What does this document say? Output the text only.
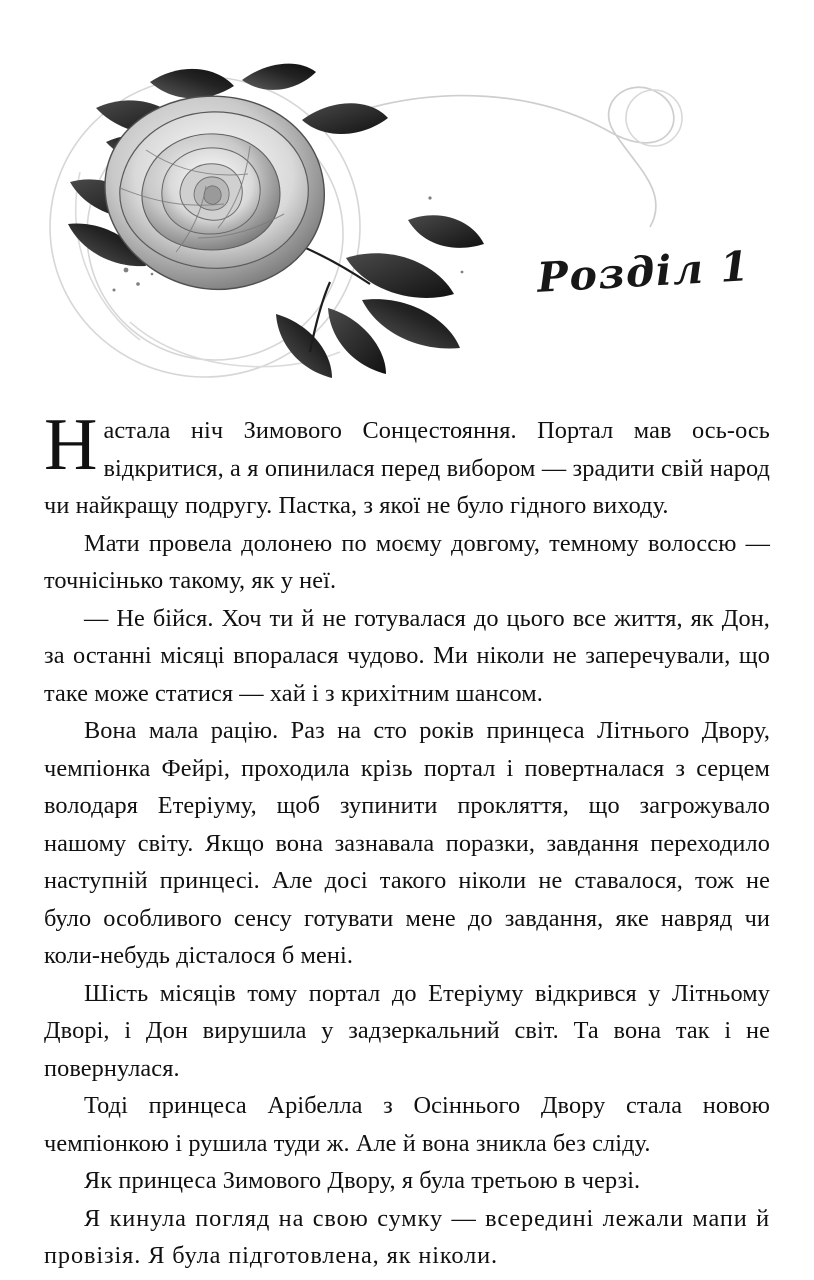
Розділ 1
Н астала ніч Зимового Сонцестояння. Портал мав ось-ось відкритися, а я опинилася перед вибором — зрадити свій народ чи найкращу подругу. Пастка, з якої не було гідного виходу.

Мати провела долонею по моєму довгому, темному волоссю — точнісінько такому, як у неї.

— Не бійся. Хоч ти й не готувалася до цього все життя, як Дон, за останні місяці впоралася чудово. Ми ніколи не заперечували, що таке може статися — хай і з крихітним шансом.

Вона мала рацію. Раз на сто років принцеса Літнього Двору, чемпіонка Фейрі, проходила крізь портал і повертналася з серцем володаря Етеріуму, щоб зупинити прокляття, що загрожувало нашому світу. Якщо вона зазнавала поразки, завдання переходило наступній принцесі. Але досі такого ніколи не ставалося, тож не було особливого сенсу готувати мене до завдання, яке навряд чи коли-небудь дісталося б мені.

Шість місяців тому портал до Етеріуму відкрився у Літньому Дворі, і Дон вирушила у задзеркальний світ. Та вона так і не повернулася.

Тоді принцеса Арібелла з Осіннього Двору стала новою чемпіонкою і рушила туди ж. Але й вона зникла без сліду.

Як принцеса Зимового Двору, я була третьою в черзі.

Я кинула погляд на свою сумку — всередині лежали мапи й провізія. Я була підготовлена, як ніколи.
